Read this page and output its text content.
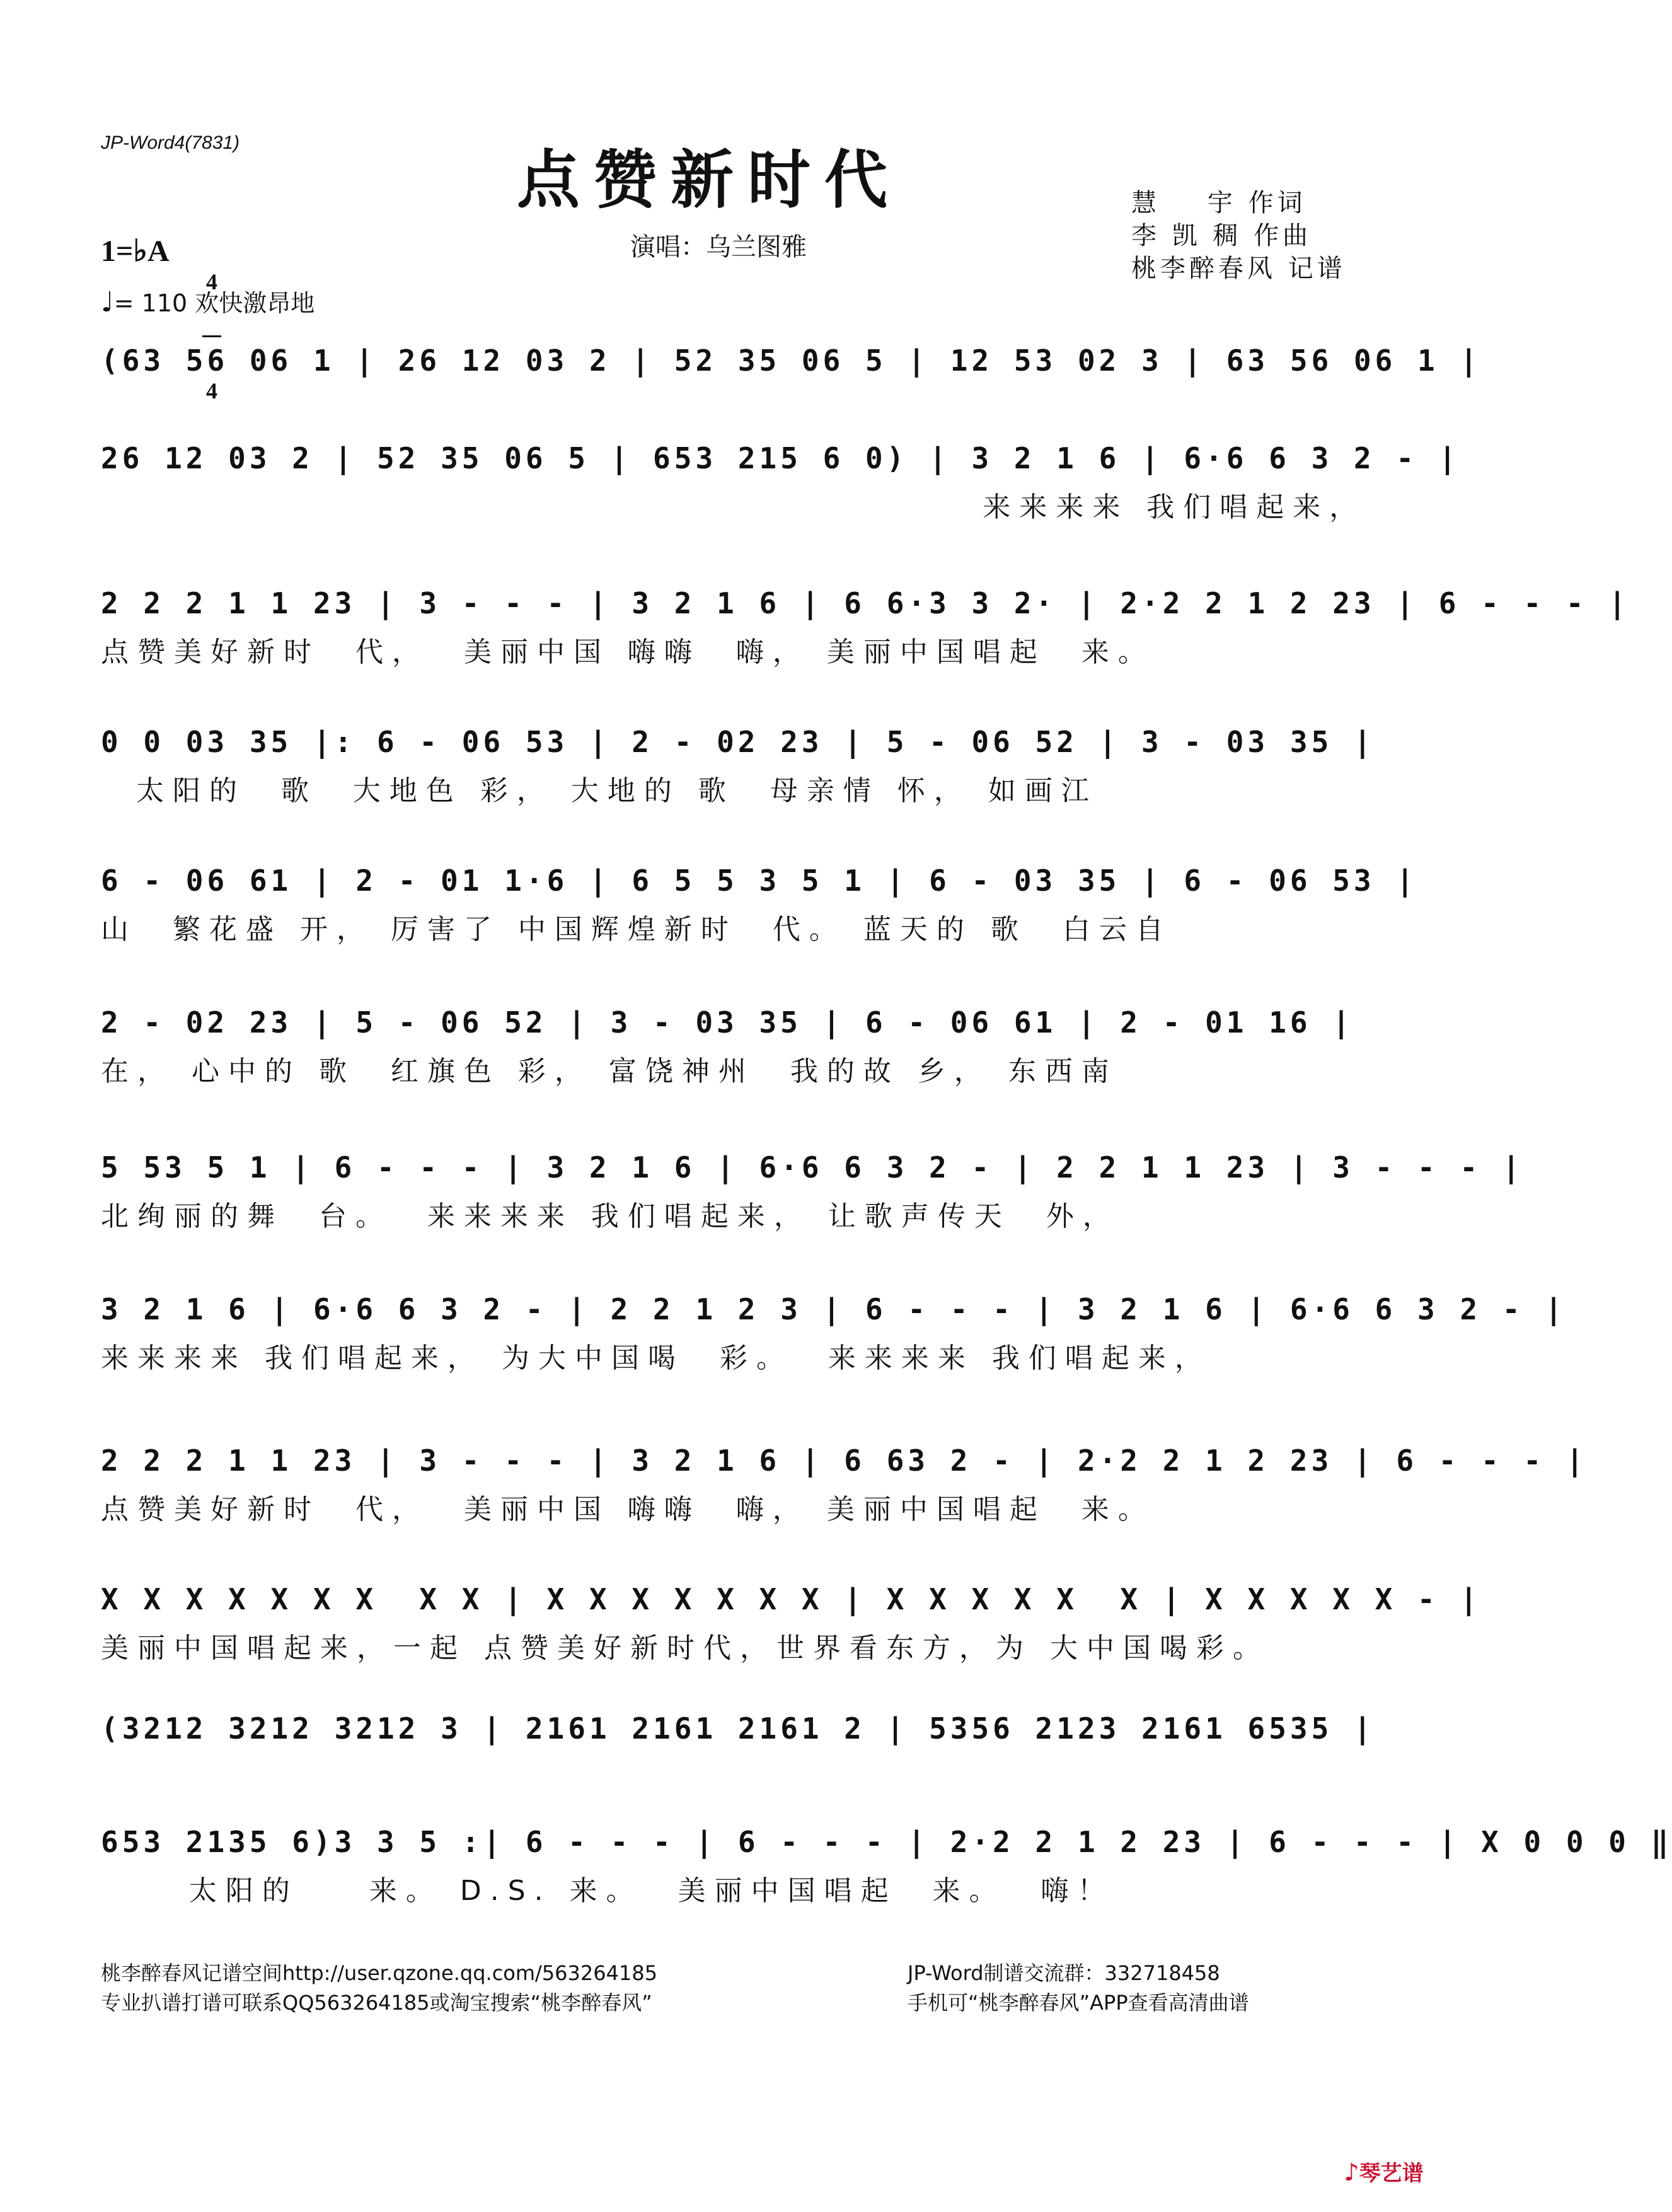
JP-Word4(7831)
点赞新时代
演唱：乌兰图雅
慧    宇 作词
李 凯 稠 作曲
桃李醉春风 记谱
1=♭A

4

4

♩= 110 欢快激昂地
(63 56 06 1 | 26 12 03 2 | 52 35 06 5 | 12 53 02 3 | 63 56 06 1 |
26 12 03 2 | 52 35 06 5 | 653 215 6 0) | 3 2 1 6 | 6·6 6 3 2 - |
来来来来 我们唱起来，
2 2 2 1 1 23 | 3 - - - | 3 2 1 6 | 6 6·3 3 2· | 2·2 2 1 2 23 | 6 - - - |
点赞美好新时  代，  美丽中国 嗨嗨  嗨， 美丽中国唱起  来。
0 0 03 35 |: 6 - 06 53 | 2 - 02 23 | 5 - 06 52 | 3 - 03 35 |
太阳的  歌  大地色 彩， 大地的 歌  母亲情 怀， 如画江
6 - 06 61 | 2 - 01 1·6 | 6 5 5 3 5 1 | 6 - 03 35 | 6 - 06 53 |
山  繁花盛 开， 厉害了 中国辉煌新时  代。 蓝天的 歌  白云自
2 - 02 23 | 5 - 06 52 | 3 - 03 35 | 6 - 06 61 | 2 - 01 16 |
在， 心中的 歌  红旗色 彩， 富饶神州  我的故 乡， 东西南
5 53 5 1 | 6 - - - | 3 2 1 6 | 6·6 6 3 2 - | 2 2 1 1 23 | 3 - - - |
北绚丽的舞  台。  来来来来 我们唱起来， 让歌声传天  外，
3 2 1 6 | 6·6 6 3 2 - | 2 2 1 2 3 | 6 - - - | 3 2 1 6 | 6·6 6 3 2 - |
来来来来 我们唱起来， 为大中国喝  彩。  来来来来 我们唱起来，
2 2 2 1 1 23 | 3 - - - | 3 2 1 6 | 6 63 2 - | 2·2 2 1 2 23 | 6 - - - |
点赞美好新时  代，  美丽中国 嗨嗨  嗨， 美丽中国唱起  来。
X X X X X X X  X X | X X X X X X X | X X X X X  X | X X X X X - |
美丽中国唱起来，一起 点赞美好新时代，世界看东方，为 大中国喝彩。
(3212 3212 3212 3 | 2161 2161 2161 2 | 5356 2123 2161 6535 |
653 2135 6)3 3 5 :| 6 - - - | 6 - - - | 2·2 2 1 2 23 | 6 - - - | X 0 0 0 ‖
太阳的    来。 D.S. 来。  美丽中国唱起  来。  嗨！
桃李醉春风记谱空间http://user.qzone.qq.com/563264185
专业扒谱打谱可联系QQ563264185或淘宝搜索“桃李醉春风”
JP-Word制谱交流群：332718458
手机可“桃李醉春风”APP查看高清曲谱

♪琴艺谱
